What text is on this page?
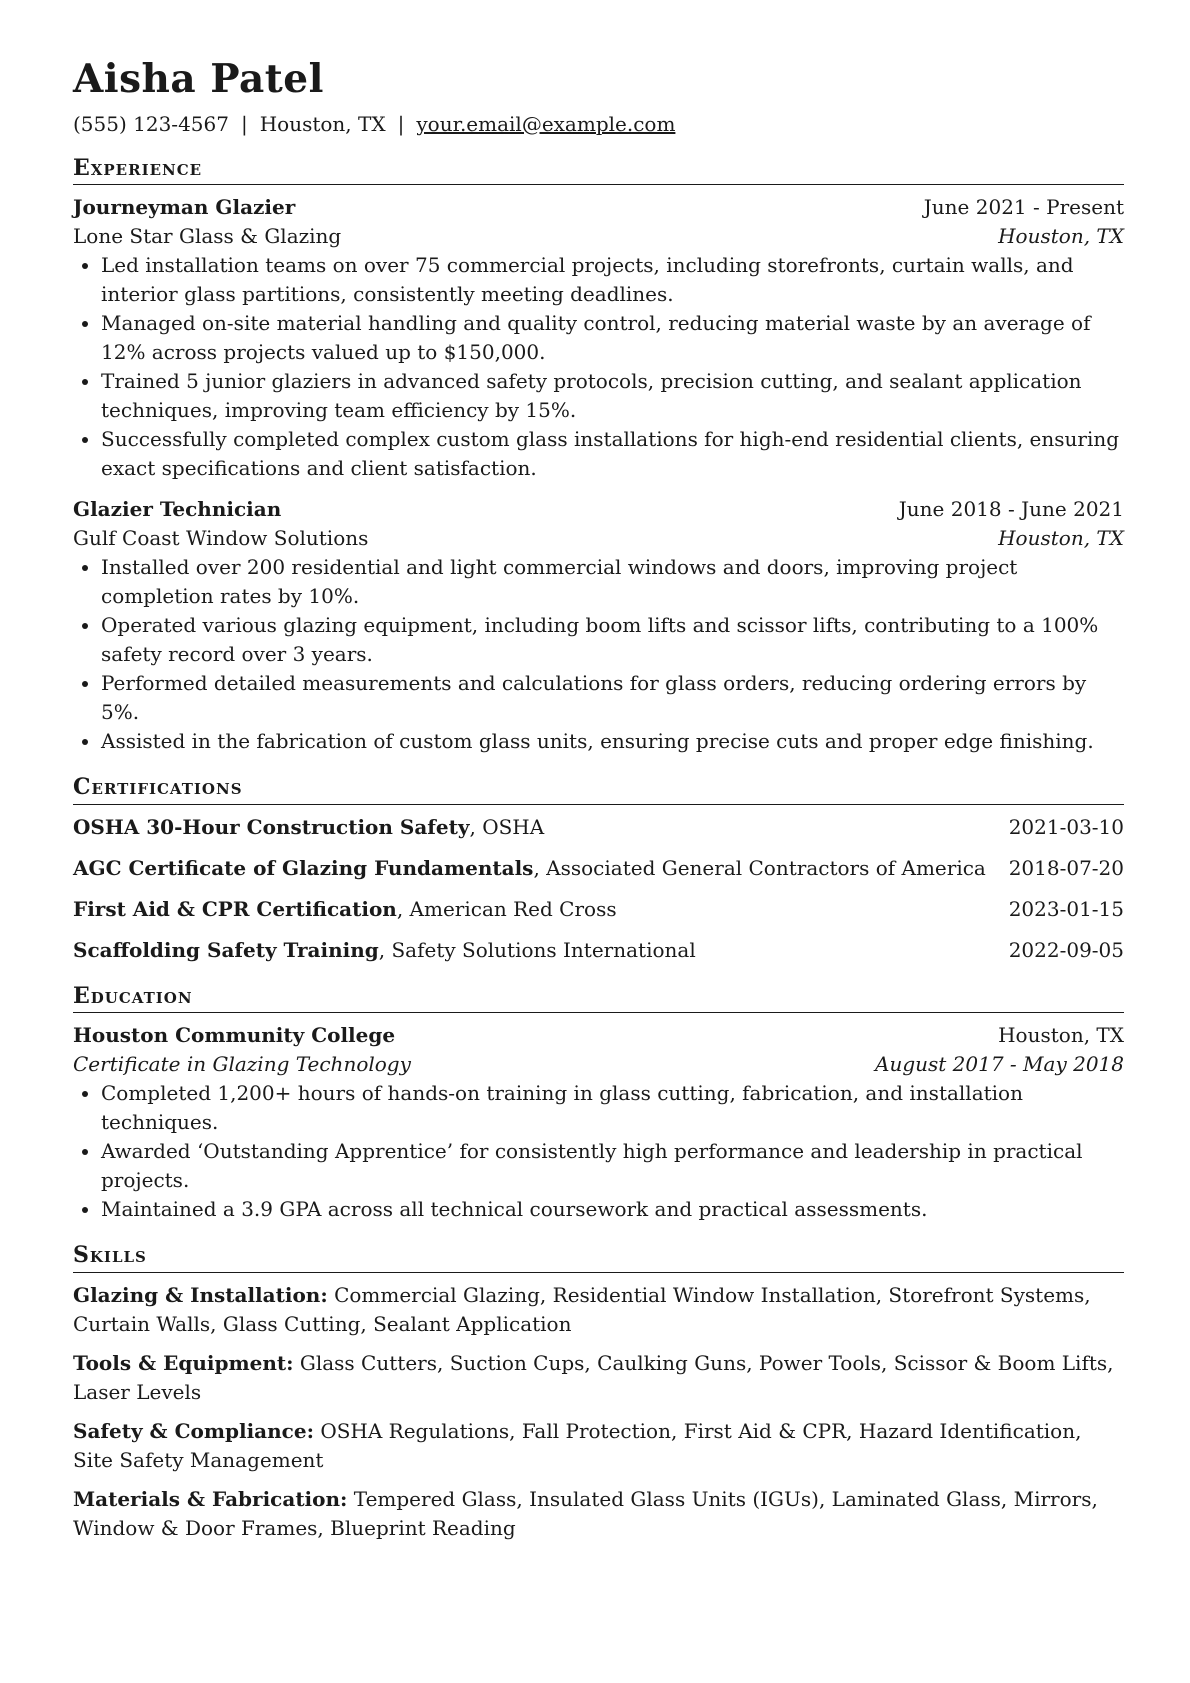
Aisha Patel
(555) 123-4567 | Houston, TX | your.email@example.com
Experience
Journeyman Glazier	June 2021 - Present
Lone Star Glass & Glazing	Houston, TX
• Led installation teams on over 75 commercial projects, including storefronts, curtain walls, and interior glass partitions, consistently meeting deadlines.
• Managed on-site material handling and quality control, reducing material waste by an average of 12% across projects valued up to $150,000.
• Trained 5 junior glaziers in advanced safety protocols, precision cutting, and sealant application techniques, improving team efficiency by 15%.
• Successfully completed complex custom glass installations for high-end residential clients, ensuring exact specifications and client satisfaction.
Glazier Technician	June 2018 - June 2021
Gulf Coast Window Solutions	Houston, TX
• Installed over 200 residential and light commercial windows and doors, improving project completion rates by 10%.
• Operated various glazing equipment, including boom lifts and scissor lifts, contributing to a 100% safety record over 3 years.
• Performed detailed measurements and calculations for glass orders, reducing ordering errors by 5%.
• Assisted in the fabrication of custom glass units, ensuring precise cuts and proper edge finishing.
Certifications
OSHA 30-Hour Construction Safety, OSHA	2021-03-10
AGC Certificate of Glazing Fundamentals, Associated General Contractors of America 2018-07-20
First Aid & CPR Certification, American Red Cross	2023-01-15
Scaffolding Safety Training, Safety Solutions International	2022-09-05
Education
Houston Community College	Houston, TX
Certificate in Glazing Technology	August 2017 - May 2018
• Completed 1,200+ hours of hands-on training in glass cutting, fabrication, and installation techniques.
• Awarded ‘Outstanding Apprentice’ for consistently high performance and leadership in practical projects.
• Maintained a 3.9 GPA across all technical coursework and practical assessments.
Skills
Glazing & Installation: Commercial Glazing, Residential Window Installation, Storefront Systems, Curtain Walls, Glass Cutting, Sealant Application
Tools & Equipment: Glass Cutters, Suction Cups, Caulking Guns, Power Tools, Scissor & Boom Lifts, Laser Levels
Safety & Compliance: OSHA Regulations, Fall Protection, First Aid & CPR, Hazard Identification, Site Safety Management
Materials & Fabrication: Tempered Glass, Insulated Glass Units (IGUs), Laminated Glass, Mirrors, Window & Door Frames, Blueprint Reading
